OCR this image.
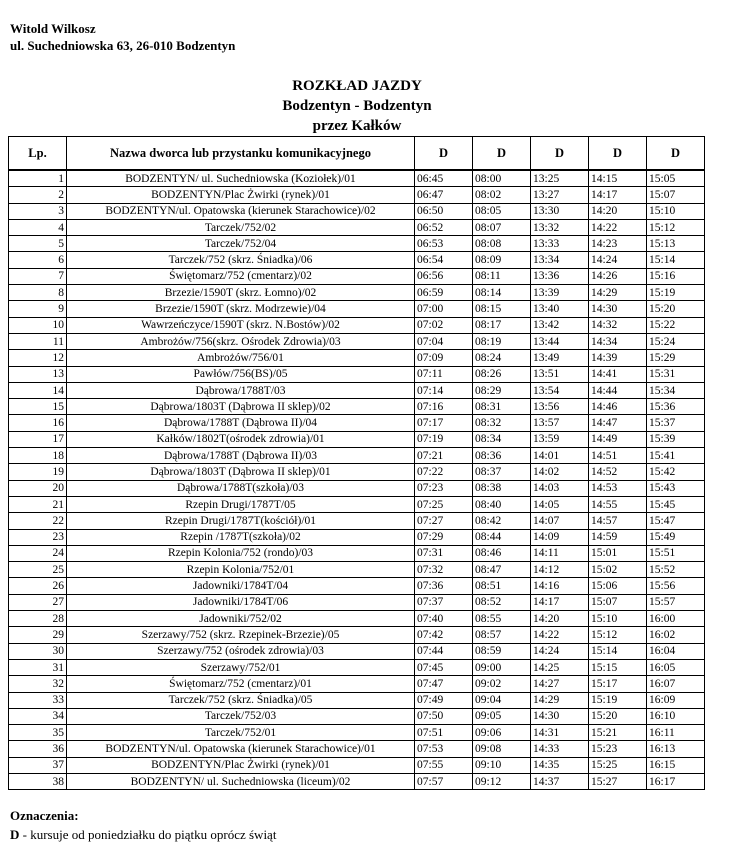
Witold Wilkosz
ul. Suchedniowska 63, 26-010 Bodzentyn
ROZKŁAD JAZDY
Bodzentyn - Bodzentyn
przez Kałków
Lp.	Nazwa dworca lub przystanku komunikacyjnego	D	D	D	D	D
1	BODZENTYN/ ul. Suchedniowska (Koziołek)/01	06:45	08:00	13:25	14:15	15:05
2	BODZENTYN/Plac Żwirki (rynek)/01	06:47	08:02	13:27	14:17	15:07
3	BODZENTYN/ul. Opatowska (kierunek Starachowice)/02	06:50	08:05	13:30	14:20	15:10
4	Tarczek/752/02	06:52	08:07	13:32	14:22	15:12
5	Tarczek/752/04	06:53	08:08	13:33	14:23	15:13
6	Tarczek/752 (skrz. Śniadka)/06	06:54	08:09	13:34	14:24	15:14
7	Świętomarz/752 (cmentarz)/02	06:56	08:11	13:36	14:26	15:16
8	Brzezie/1590T (skrz. Łomno)/02	06:59	08:14	13:39	14:29	15:19
9	Brzezie/1590T (skrz. Modrzewie)/04	07:00	08:15	13:40	14:30	15:20
10	Wawrzeńczyce/1590T (skrz. N.Bostów)/02	07:02	08:17	13:42	14:32	15:22
11	Ambrożów/756(skrz. Ośrodek Zdrowia)/03	07:04	08:19	13:44	14:34	15:24
12	Ambrożów/756/01	07:09	08:24	13:49	14:39	15:29
13	Pawłów/756(BS)/05	07:11	08:26	13:51	14:41	15:31
14	Dąbrowa/1788T/03	07:14	08:29	13:54	14:44	15:34
15	Dąbrowa/1803T (Dąbrowa II sklep)/02	07:16	08:31	13:56	14:46	15:36
16	Dąbrowa/1788T (Dąbrowa II)/04	07:17	08:32	13:57	14:47	15:37
17	Kałków/1802T(ośrodek zdrowia)/01	07:19	08:34	13:59	14:49	15:39
18	Dąbrowa/1788T (Dąbrowa II)/03	07:21	08:36	14:01	14:51	15:41
19	Dąbrowa/1803T (Dąbrowa II sklep)/01	07:22	08:37	14:02	14:52	15:42
20	Dąbrowa/1788T(szkoła)/03	07:23	08:38	14:03	14:53	15:43
21	Rzepin Drugi/1787T/05	07:25	08:40	14:05	14:55	15:45
22	Rzepin Drugi/1787T(kościół)/01	07:27	08:42	14:07	14:57	15:47
23	Rzepin /1787T(szkoła)/02	07:29	08:44	14:09	14:59	15:49
24	Rzepin Kolonia/752 (rondo)/03	07:31	08:46	14:11	15:01	15:51
25	Rzepin Kolonia/752/01	07:32	08:47	14:12	15:02	15:52
26	Jadowniki/1784T/04	07:36	08:51	14:16	15:06	15:56
27	Jadowniki/1784T/06	07:37	08:52	14:17	15:07	15:57
28	Jadowniki/752/02	07:40	08:55	14:20	15:10	16:00
29	Szerzawy/752 (skrz. Rzepinek-Brzezie)/05	07:42	08:57	14:22	15:12	16:02
30	Szerzawy/752 (ośrodek zdrowia)/03	07:44	08:59	14:24	15:14	16:04
31	Szerzawy/752/01	07:45	09:00	14:25	15:15	16:05
32	Świętomarz/752 (cmentarz)/01	07:47	09:02	14:27	15:17	16:07
33	Tarczek/752 (skrz. Śniadka)/05	07:49	09:04	14:29	15:19	16:09
34	Tarczek/752/03	07:50	09:05	14:30	15:20	16:10
35	Tarczek/752/01	07:51	09:06	14:31	15:21	16:11
36	BODZENTYN/ul. Opatowska (kierunek Starachowice)/01	07:53	09:08	14:33	15:23	16:13
37	BODZENTYN/Plac Żwirki (rynek)/01	07:55	09:10	14:35	15:25	16:15
38	BODZENTYN/ ul. Suchedniowska (liceum)/02	07:57	09:12	14:37	15:27	16:17
Oznaczenia:
D - kursuje od poniedziałku do piątku oprócz świąt
